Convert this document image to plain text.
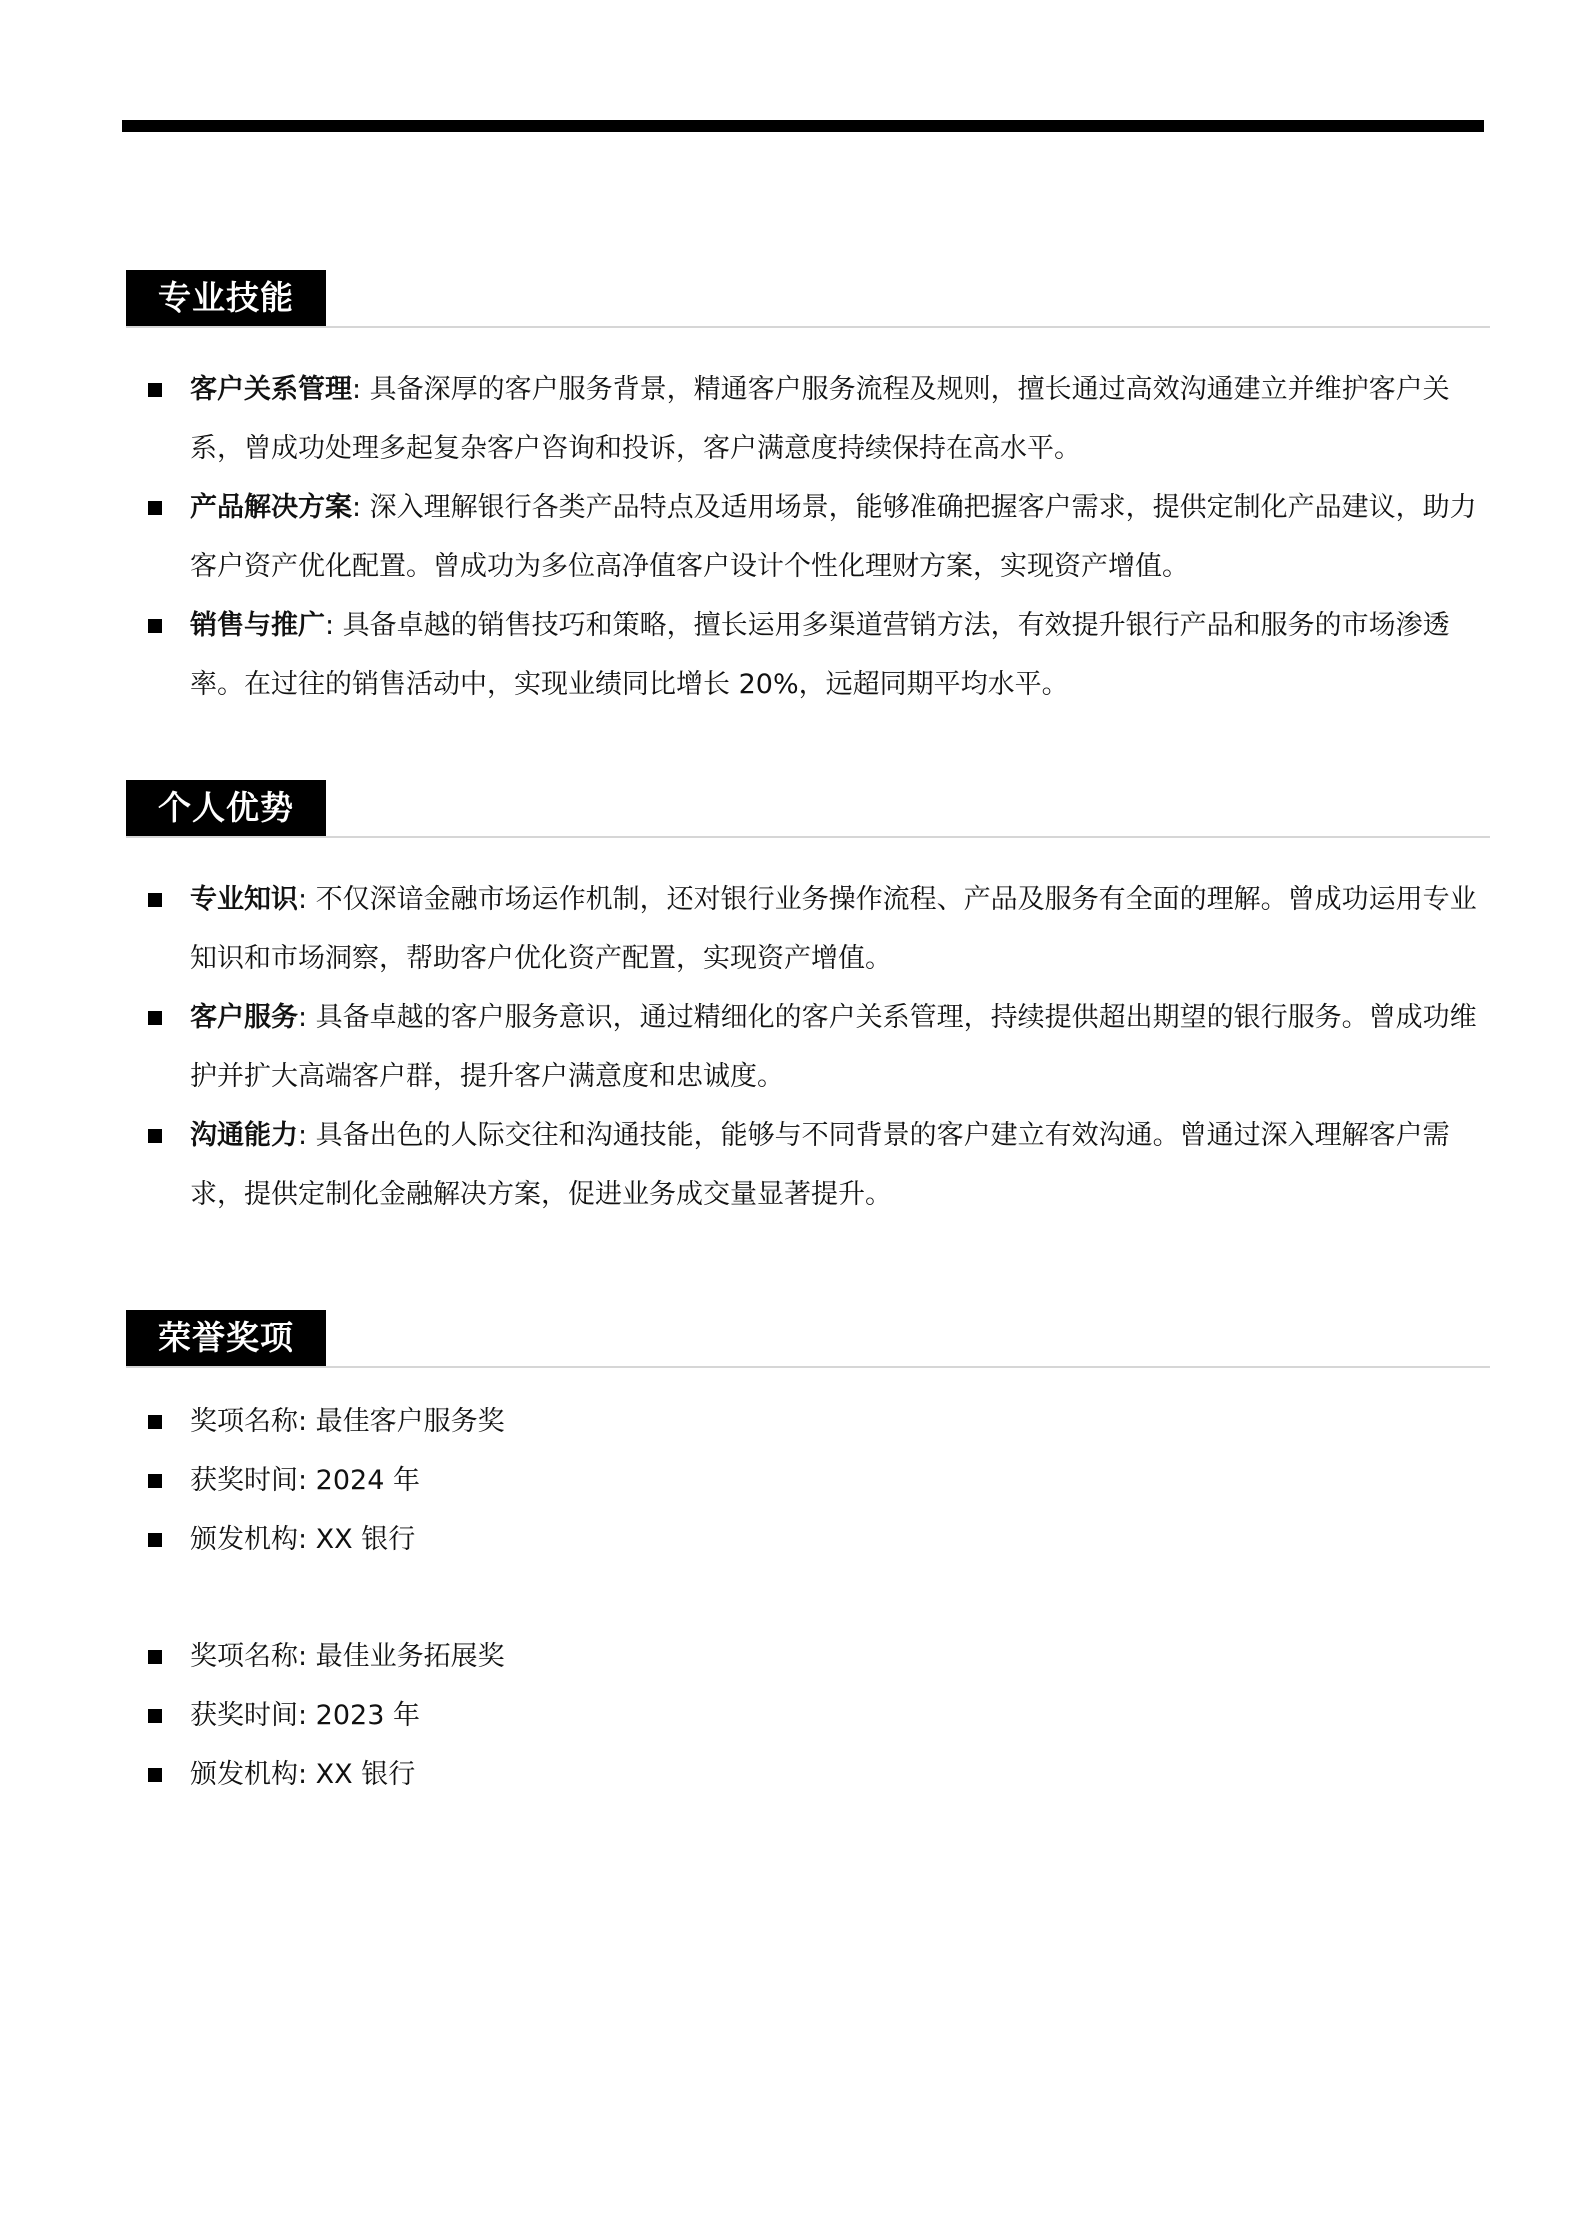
专业技能
客户关系管理: 具备深厚的客户服务背景，精通客户服务流程及规则，擅长通过高效沟通建立并维护客户关系，曾成功处理多起复杂客户咨询和投诉，客户满意度持续保持在高水平。
产品解决方案: 深入理解银行各类产品特点及适用场景，能够准确把握客户需求，提供定制化产品建议，助力客户资产优化配置。曾成功为多位高净值客户设计个性化理财方案，实现资产增值。
销售与推广: 具备卓越的销售技巧和策略，擅长运用多渠道营销方法，有效提升银行产品和服务的市场渗透率。在过往的销售活动中，实现业绩同比增长 20%，远超同期平均水平。
个人优势
专业知识: 不仅深谙金融市场运作机制，还对银行业务操作流程、产品及服务有全面的理解。曾成功运用专业知识和市场洞察，帮助客户优化资产配置，实现资产增值。
客户服务: 具备卓越的客户服务意识，通过精细化的客户关系管理，持续提供超出期望的银行服务。曾成功维护并扩大高端客户群，提升客户满意度和忠诚度。
沟通能力: 具备出色的人际交往和沟通技能，能够与不同背景的客户建立有效沟通。曾通过深入理解客户需求，提供定制化金融解决方案，促进业务成交量显著提升。
荣誉奖项
奖项名称: 最佳客户服务奖
获奖时间: 2024 年
颁发机构: XX 银行
奖项名称: 最佳业务拓展奖
获奖时间: 2023 年
颁发机构: XX 银行
